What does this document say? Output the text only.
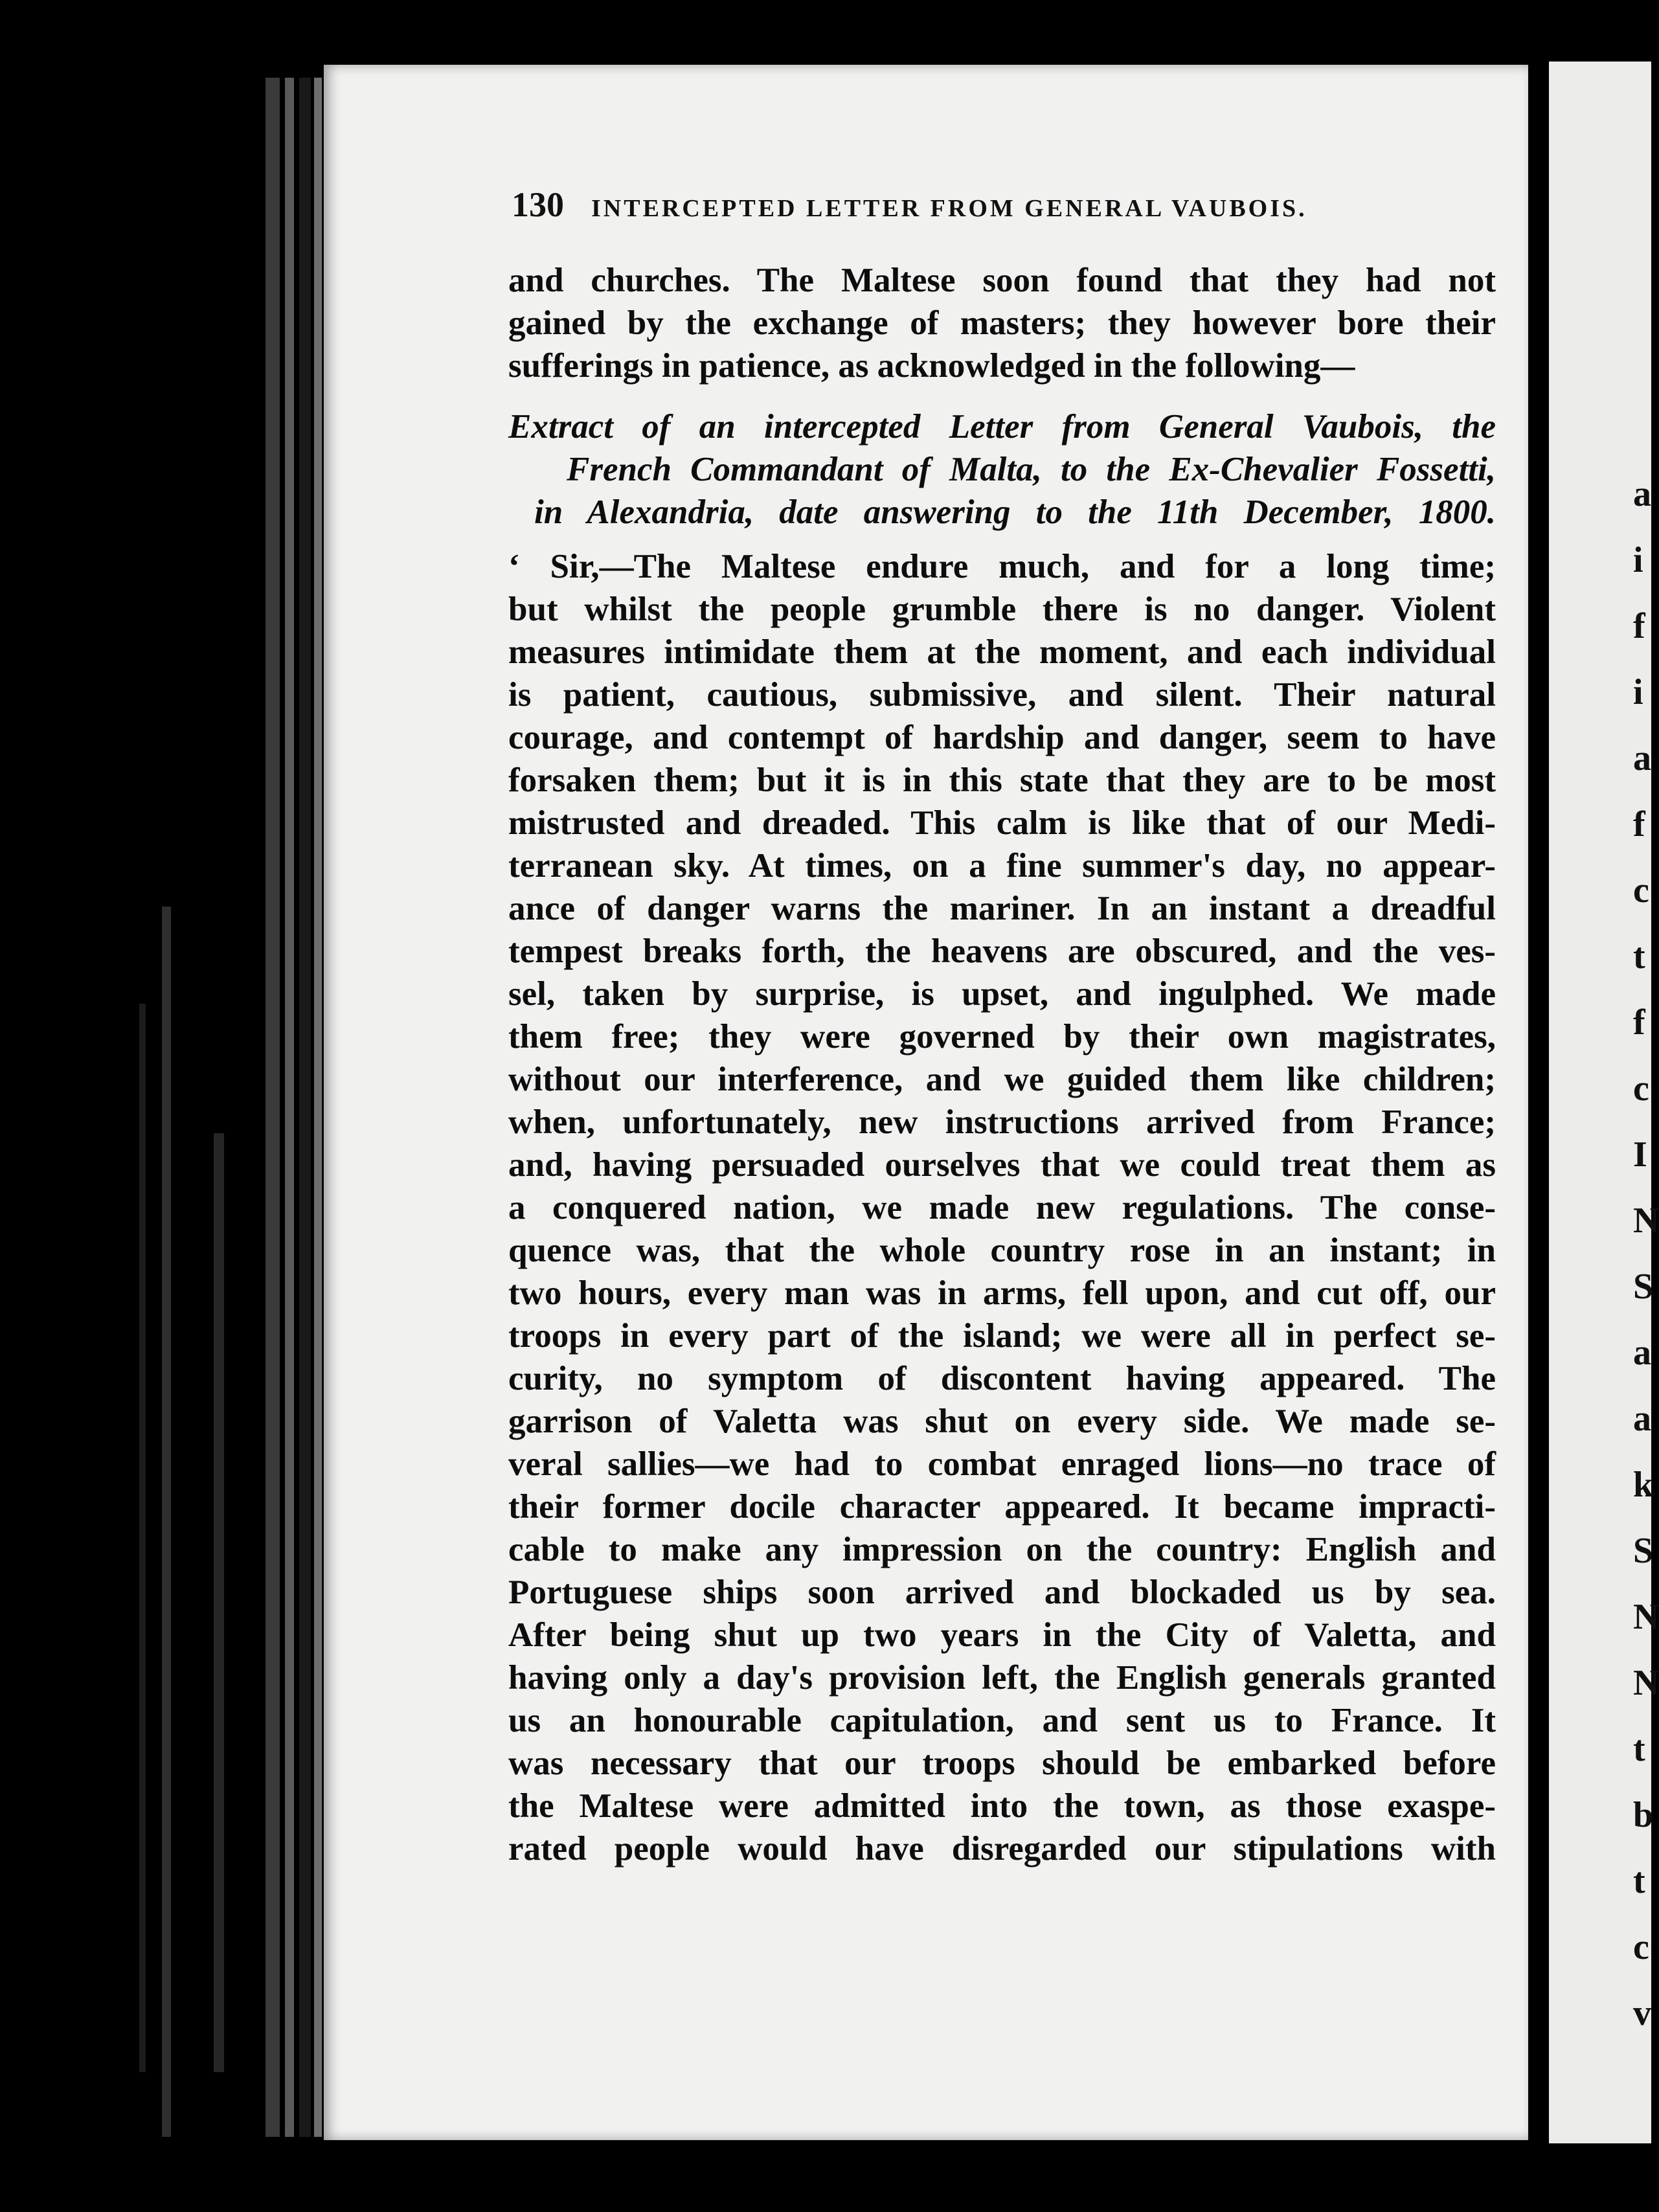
130 INTERCEPTED LETTER FROM GENERAL VAUBOIS.
and churches. The Maltese soon found that they had not
gained by the exchange of masters; they however bore their
sufferings in patience, as acknowledged in the following—
Extract of an intercepted Letter from General Vaubois, the
French Commandant of Malta, to the Ex-Chevalier Fossetti,
in Alexandria, date answering to the 11th December, 1800.
‘ Sir,—The Maltese endure much, and for a long time;
but whilst the people grumble there is no danger. Violent
measures intimidate them at the moment, and each individual
is patient, cautious, submissive, and silent. Their natural
courage, and contempt of hardship and danger, seem to have
forsaken them; but it is in this state that they are to be most
mistrusted and dreaded. This calm is like that of our Medi-
terranean sky. At times, on a fine summer's day, no appear-
ance of danger warns the mariner. In an instant a dreadful
tempest breaks forth, the heavens are obscured, and the ves-
sel, taken by surprise, is upset, and ingulphed. We made
them free; they were governed by their own magistrates,
without our interference, and we guided them like children;
when, unfortunately, new instructions arrived from France;
and, having persuaded ourselves that we could treat them as
a conquered nation, we made new regulations. The conse-
quence was, that the whole country rose in an instant; in
two hours, every man was in arms, fell upon, and cut off, our
troops in every part of the island; we were all in perfect se-
curity, no symptom of discontent having appeared. The
garrison of Valetta was shut on every side. We made se-
veral sallies—we had to combat enraged lions—no trace of
their former docile character appeared. It became impracti-
cable to make any impression on the country: English and
Portuguese ships soon arrived and blockaded us by sea.
After being shut up two years in the City of Valetta, and
having only a day's provision left, the English generals granted
us an honourable capitulation, and sent us to France. It
was necessary that our troops should be embarked before
the Maltese were admitted into the town, as those exaspe-
rated people would have disregarded our stipulations with
a
i
f
i
a
f
c
t
f
c
I
N
S
a
a
k
S
N
N
t
b
t
c
v
